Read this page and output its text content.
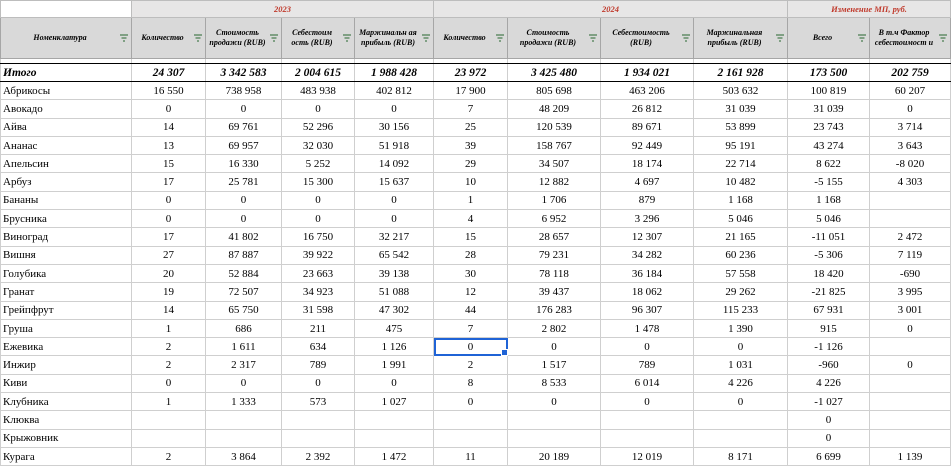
	2023				2024				Изменение МП, руб.	
Номенклатура	Количество	Стоимость продажи (RUB)	Себестоим ость (RUB)	Маржинальн ая прибыль (RUB)	Количество	Стоимость продажи (RUB)	Себестоимость (RUB)	Маржинальная прибыль (RUB)	Всего	В т.ч Фактор себестоимост и

Итого	24 307	3 342 583	2 004 615	1 988 428	23 972	3 425 480	1 934 021	2 161 928	173 500	202 759
Абрикосы	16 550	738 958	483 938	402 812	17 900	805 698	463 206	503 632	100 819	60 207
Авокадо	0	0	0	0	7	48 209	26 812	31 039	31 039	0
Айва	14	69 761	52 296	30 156	25	120 539	89 671	53 899	23 743	3 714
Ананас	13	69 957	32 030	51 918	39	158 767	92 449	95 191	43 274	3 643
Апельсин	15	16 330	5 252	14 092	29	34 507	18 174	22 714	8 622	-8 020
Арбуз	17	25 781	15 300	15 637	10	12 882	4 697	10 482	-5 155	4 303
Бананы	0	0	0	0	1	1 706	879	1 168	1 168	
Брусника	0	0	0	0	4	6 952	3 296	5 046	5 046	
Виноград	17	41 802	16 750	32 217	15	28 657	12 307	21 165	-11 051	2 472
Вишня	27	87 887	39 922	65 542	28	79 231	34 282	60 236	-5 306	7 119
Голубика	20	52 884	23 663	39 138	30	78 118	36 184	57 558	18 420	-690
Гранат	19	72 507	34 923	51 088	12	39 437	18 062	29 262	-21 825	3 995
Грейпфрут	14	65 750	31 598	47 302	44	176 283	96 307	115 233	67 931	3 001
Груша	1	686	211	475	7	2 802	1 478	1 390	915	0
Ежевика	2	1 611	634	1 126	0	0	0	0	-1 126	
Инжир	2	2 317	789	1 991	2	1 517	789	1 031	-960	0
Киви	0	0	0	0	8	8 533	6 014	4 226	4 226	
Клубника	1	1 333	573	1 027	0	0	0	0	-1 027	
Клюква									0	
Крыжовник									0	
Курага	2	3 864	2 392	1 472	11	20 189	12 019	8 171	6 699	1 139
